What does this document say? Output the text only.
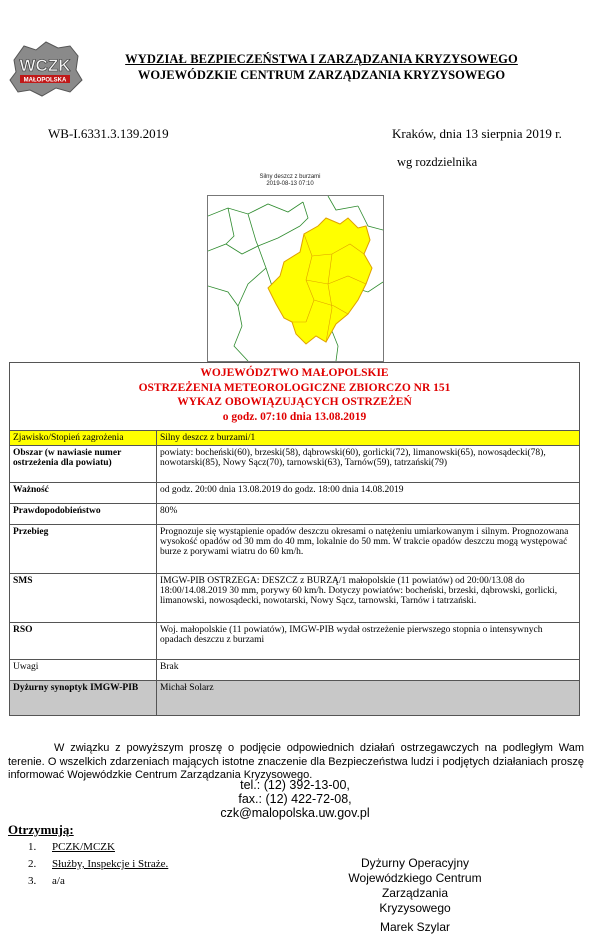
WCZK
MAŁOPOLSKA
WYDZIAŁ BEZPIECZEŃSTWA I ZARZĄDZANIA KRYZYSOWEGO
WOJEWÓDZKIE CENTRUM ZARZĄDZANIA KRYZYSOWEGO
WB-I.6331.3.139.2019	Kraków, dnia 13 sierpnia 2019 r.
wg rozdzielnika
Silny deszcz z burzami
2019-08-13 07:10
WOJEWÓDZTWO MAŁOPOLSKIE
OSTRZEŻENIA METEOROLOGICZNE ZBIORCZO NR 151
WYKAZ OBOWIĄZUJĄCYCH OSTRZEŻEŃ
o godz. 07:10 dnia 13.08.2019	

Zjawisko/Stopień zagrożenia	Silny deszcz z burzami/1
Obszar (w nawiasie numer ostrzeżenia dla powiatu)	powiaty: bocheński(60), brzeski(58), dąbrowski(60), gorlicki(72), limanowski(65), nowosądecki(78), nowotarski(85), Nowy Sącz(70), tarnowski(63), Tarnów(59), tatrzański(79)
Ważność	od godz. 20:00 dnia 13.08.2019 do godz. 18:00 dnia 14.08.2019
Prawdopodobieństwo	80%
Przebieg	Prognozuje się wystąpienie opadów deszczu okresami o natężeniu umiarkowanym i silnym. Prognozowana wysokość opadów od 30 mm do 40 mm, lokalnie do 50 mm. W trakcie opadów deszczu mogą występować burze z porywami wiatru do 60 km/h.
SMS	IMGW-PIB OSTRZEGA: DESZCZ z BURZĄ/1 małopolskie (11 powiatów) od 20:00/13.08 do 18:00/14.08.2019 30 mm, porywy 60 km/h. Dotyczy powiatów: bocheński, brzeski, dąbrowski, gorlicki, limanowski, nowosądecki, nowotarski, Nowy Sącz, tarnowski, Tarnów i tatrzański.
RSO	Woj. małopolskie (11 powiatów), IMGW-PIB wydał ostrzeżenie pierwszego stopnia o intensywnych opadach deszczu z burzami
Uwagi	Brak
Dyżurny synoptyk IMGW-PIB	Michał Solarz
W związku z powyższym proszę o podjęcie odpowiednich działań ostrzegawczych na podległym Wam terenie. O wszelkich zdarzeniach mających istotne znaczenie dla Bezpieczeństwa ludzi i podjętych działaniach proszę informować Wojewódzkie Centrum Zarządzania Kryzysowego.
tel.: (12) 392-13-00,
fax.: (12) 422-72-08,
czk@malopolska.uw.gov.pl
Otrzymują:
1. PCZK/MCZK
2. Służby, Inspekcje i Straże.
3. a/a
Dyżurny Operacyjny
Wojewódzkiego Centrum Zarządzania
Kryzysowego
Marek Szylar
